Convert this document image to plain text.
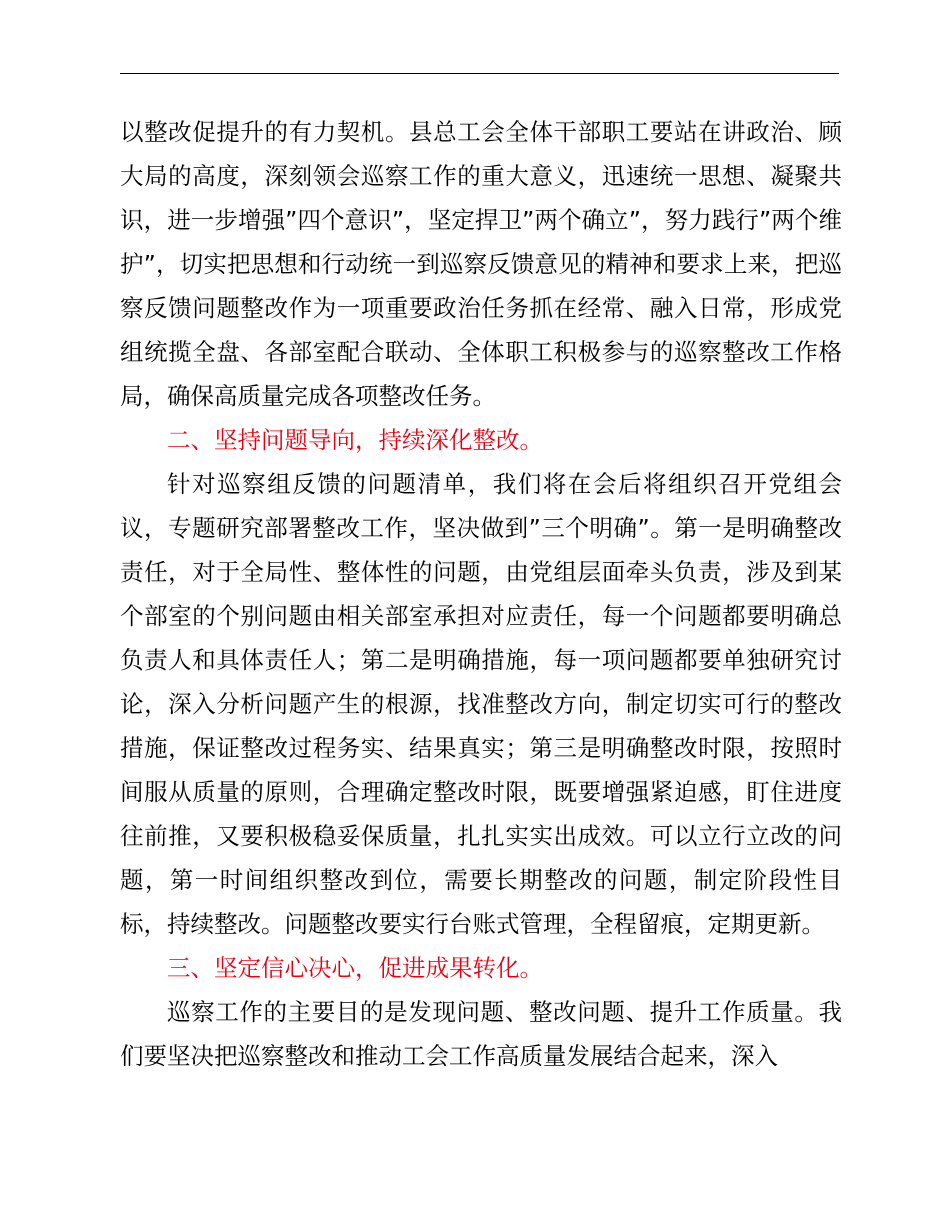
以整改促提升的有力契机。县总工会全体干部职工要站在讲政治、顾大局的高度，深刻领会巡察工作的重大意义，迅速统一思想、凝聚共识，进一步增强”四个意识”，坚定捍卫”两个确立”，努力践行”两个维护”，切实把思想和行动统一到巡察反馈意见的精神和要求上来，把巡察反馈问题整改作为一项重要政治任务抓在经常、融入日常，形成党组统揽全盘、各部室配合联动、全体职工积极参与的巡察整改工作格局，确保高质量完成各项整改任务。

二、坚持问题导向，持续深化整改。

针对巡察组反馈的问题清单，我们将在会后将组织召开党组会议，专题研究部署整改工作，坚决做到”三个明确”。第一是明确整改责任，对于全局性、整体性的问题，由党组层面牵头负责，涉及到某个部室的个别问题由相关部室承担对应责任，每一个问题都要明确总负责人和具体责任人；第二是明确措施，每一项问题都要单独研究讨论，深入分析问题产生的根源，找准整改方向，制定切实可行的整改措施，保证整改过程务实、结果真实；第三是明确整改时限，按照时间服从质量的原则，合理确定整改时限，既要增强紧迫感，盯住进度往前推，又要积极稳妥保质量，扎扎实实出成效。可以立行立改的问题，第一时间组织整改到位，需要长期整改的问题，制定阶段性目标，持续整改。问题整改要实行台账式管理，全程留痕，定期更新。

三、坚定信心决心，促进成果转化。

巡察工作的主要目的是发现问题、整改问题、提升工作质量。我们要坚决把巡察整改和推动工会工作高质量发展结合起来，深入
